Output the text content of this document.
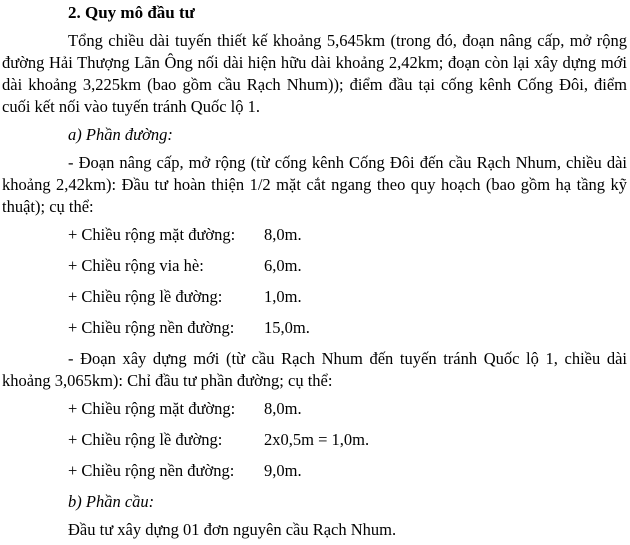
2. Quy mô đầu tư

Tổng chiều dài tuyến thiết kế khoảng 5,645km (trong đó, đoạn nâng cấp, mở rộng đường Hải Thượng Lãn Ông nối dài hiện hữu dài khoảng 2,42km; đoạn còn lại xây dựng mới dài khoảng 3,225km (bao gồm cầu Rạch Nhum)); điểm đầu tại cống kênh Cống Đôi, điểm cuối kết nối vào tuyến tránh Quốc lộ 1.

a) Phần đường:

- Đoạn nâng cấp, mở rộng (từ cống kênh Cống Đôi đến cầu Rạch Nhum, chiều dài khoảng 2,42km): Đầu tư hoàn thiện 1/2 mặt cắt ngang theo quy hoạch (bao gồm hạ tầng kỹ thuật); cụ thể:

+ Chiều rộng mặt đường: 8,0m.
+ Chiều rộng via hè:	6,0m.
+ Chiều rộng lề đường:	1,0m.
+ Chiều rộng nền đường: 15,0m.

- Đoạn xây dựng mới (từ cầu Rạch Nhum đến tuyến tránh Quốc lộ 1, chiều dài khoảng 3,065km): Chỉ đầu tư phần đường; cụ thể:

+ Chiều rộng mặt đường: 8,0m.
+ Chiều rộng lề đường:	2x0,5m = 1,0m.
+ Chiều rộng nền đường: 9,0m.

b) Phần cầu:

Đầu tư xây dựng 01 đơn nguyên cầu Rạch Nhum.
